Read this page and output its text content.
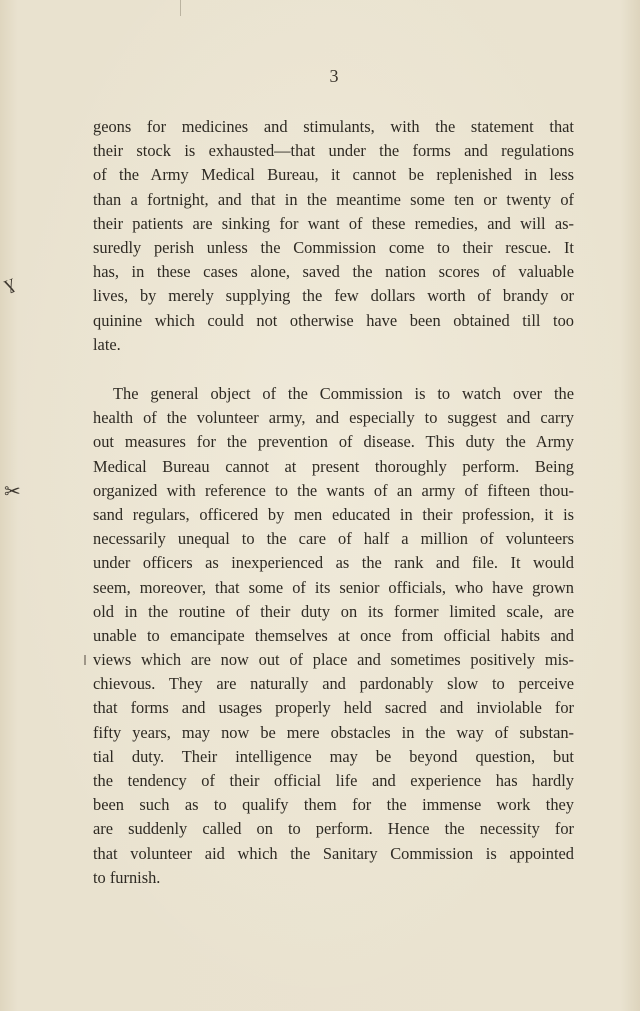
3
ɣ
✂
geons for medicines and stimulants, with the statement that
their stock is exhausted—that under the forms and regulations
of the Army Medical Bureau, it cannot be replenished in less
than a fortnight, and that in the meantime some ten or twenty of
their patients are sinking for want of these remedies, and will as-
suredly perish unless the Commission come to their rescue. It
has, in these cases alone, saved the nation scores of valuable
lives, by merely supplying the few dollars worth of brandy or
quinine which could not otherwise have been obtained till too
late.
The general object of the Commission is to watch over the
health of the volunteer army, and especially to suggest and carry
out measures for the prevention of disease. This duty the Army
Medical Bureau cannot at present thoroughly perform. Being
organized with reference to the wants of an army of fifteen thou-
sand regulars, officered by men educated in their profession, it is
necessarily unequal to the care of half a million of volunteers
under officers as inexperienced as the rank and file. It would
seem, moreover, that some of its senior officials, who have grown
old in the routine of their duty on its former limited scale, are
unable to emancipate themselves at once from official habits and
views which are now out of place and sometimes positively mis-
chievous. They are naturally and pardonably slow to perceive
that forms and usages properly held sacred and inviolable for
fifty years, may now be mere obstacles in the way of substan-
tial duty. Their intelligence may be beyond question, but
the tendency of their official life and experience has hardly
been such as to qualify them for the immense work they
are suddenly called on to perform. Hence the necessity for
that volunteer aid which the Sanitary Commission is appointed
to furnish.
